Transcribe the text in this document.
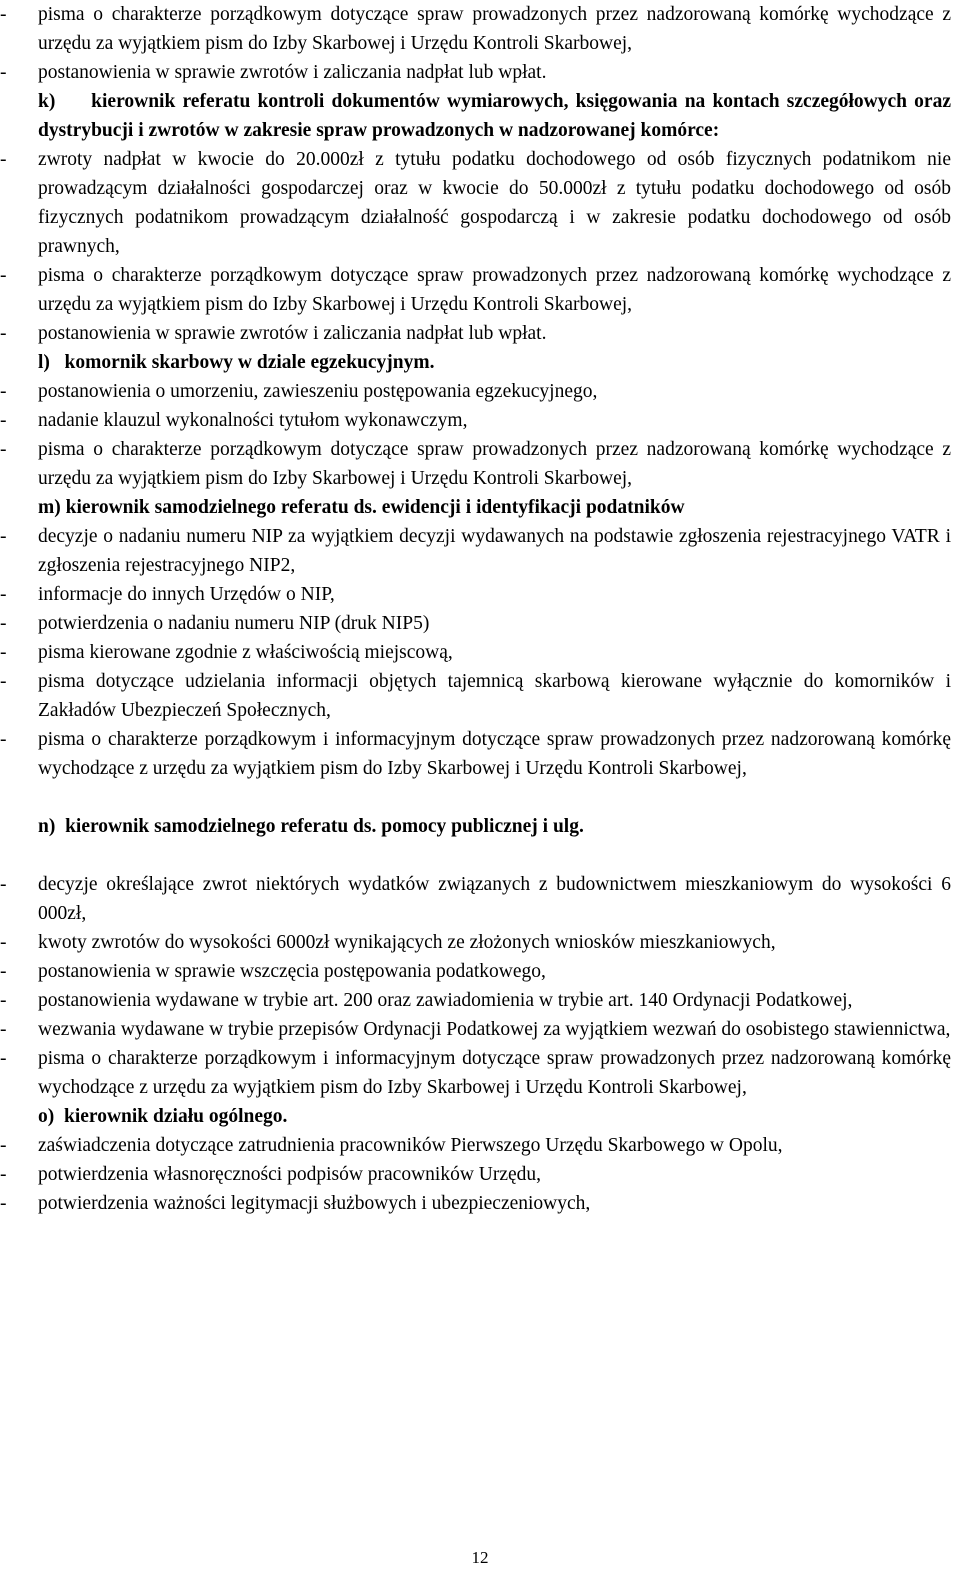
- pisma o charakterze porządkowym dotyczące spraw prowadzonych przez nadzorowaną komórkę wychodzące z urzędu za wyjątkiem pism do Izby Skarbowej i Urzędu Kontroli Skarbowej,
- postanowienia w sprawie zwrotów i zaliczania nadpłat lub wpłat.
k)     kierownik referatu kontroli dokumentów wymiarowych, księgowania na kontach szczegółowych oraz dystrybucji i zwrotów w zakresie spraw prowadzonych w nadzorowanej komórce:
- zwroty nadpłat w kwocie do 20.000zł z tytułu podatku dochodowego od osób fizycznych podatnikom nie prowadzącym działalności gospodarczej oraz w kwocie do 50.000zł z tytułu podatku dochodowego od osób fizycznych podatnikom prowadzącym działalność gospodarczą i w zakresie podatku dochodowego od osób prawnych,
- pisma o charakterze porządkowym dotyczące spraw prowadzonych przez nadzorowaną komórkę wychodzące z urzędu za wyjątkiem pism do Izby Skarbowej i Urzędu Kontroli Skarbowej,
- postanowienia w sprawie zwrotów i zaliczania nadpłat lub wpłat.
l)   komornik skarbowy w dziale egzekucyjnym.
- postanowienia o umorzeniu, zawieszeniu postępowania egzekucyjnego,
- nadanie klauzul wykonalności tytułom wykonawczym,
- pisma o charakterze porządkowym dotyczące spraw prowadzonych przez nadzorowaną komórkę wychodzące z urzędu za wyjątkiem pism do Izby Skarbowej i Urzędu Kontroli Skarbowej,
m) kierownik samodzielnego referatu ds. ewidencji i identyfikacji podatników
- decyzje o nadaniu numeru NIP za wyjątkiem decyzji wydawanych na podstawie zgłoszenia rejestracyjnego VATR i zgłoszenia rejestracyjnego NIP2,
- informacje do innych Urzędów o NIP,
- potwierdzenia o nadaniu numeru NIP (druk NIP5)
- pisma kierowane zgodnie z właściwością miejscową,
- pisma dotyczące udzielania informacji objętych tajemnicą skarbową kierowane wyłącznie do komorników i Zakładów Ubezpieczeń Społecznych,
- pisma o charakterze porządkowym i informacyjnym dotyczące spraw prowadzonych przez nadzorowaną komórkę wychodzące z urzędu za wyjątkiem pism do Izby Skarbowej i Urzędu Kontroli Skarbowej,
n)  kierownik samodzielnego referatu ds. pomocy publicznej i ulg.
- decyzje określające zwrot niektórych wydatków związanych z budownictwem mieszkaniowym do wysokości 6 000zł,
- kwoty zwrotów do wysokości 6000zł wynikających ze złożonych wniosków mieszkaniowych,
- postanowienia w sprawie wszczęcia postępowania podatkowego,
- postanowienia wydawane w trybie art. 200 oraz zawiadomienia w trybie art. 140 Ordynacji Podatkowej,
- wezwania wydawane w trybie przepisów Ordynacji Podatkowej za wyjątkiem wezwań do osobistego stawiennictwa,
- pisma o charakterze porządkowym i informacyjnym dotyczące spraw prowadzonych przez nadzorowaną komórkę wychodzące z urzędu za wyjątkiem pism do Izby Skarbowej i Urzędu Kontroli Skarbowej,
o)  kierownik działu ogólnego.
- zaświadczenia dotyczące zatrudnienia pracowników Pierwszego Urzędu Skarbowego w Opolu,
- potwierdzenia własnoręczności podpisów pracowników Urzędu,
- potwierdzenia ważności legitymacji służbowych i ubezpieczeniowych,
12
